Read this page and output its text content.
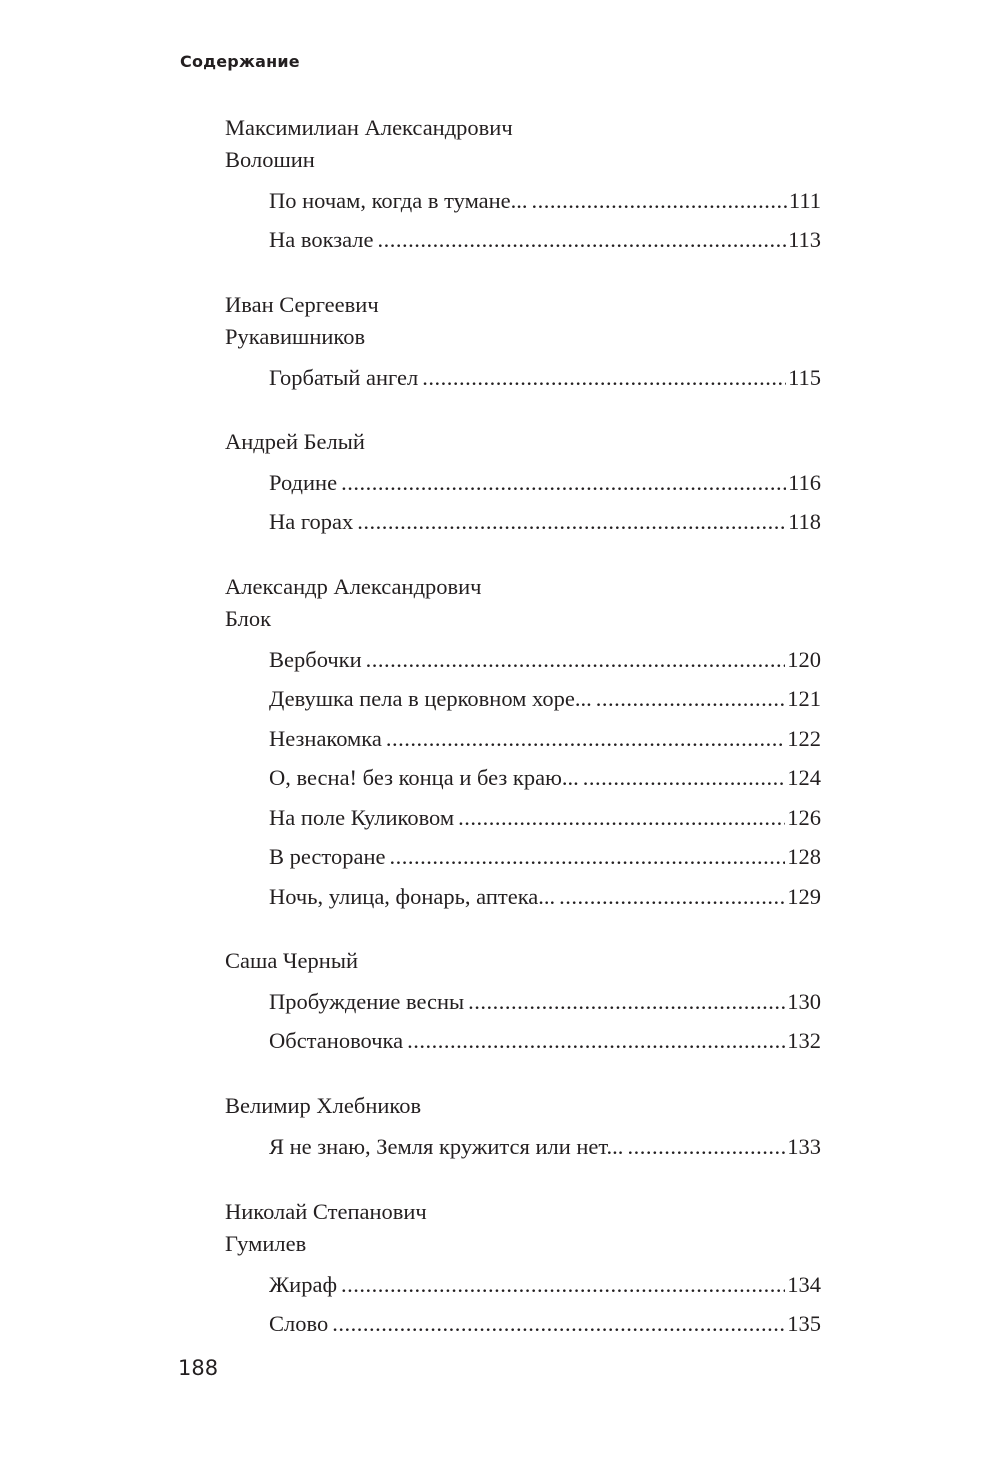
Содержание
Максимилиан Александрович
Волошин
По ночам, когда в тумане... .....	111
На вокзале .....	113
Иван Сергеевич
Рукавишников
Горбатый ангел .....	115
Андрей Белый
Родине .....	116
На горах .....	118
Александр Александрович
Блок
Вербочки .....	120
Девушка пела в церковном хоре... .....	121
Незнакомка .....	122
О, весна! без конца и без краю... .....	124
На поле Куликовом .....	126
В ресторане .....	128
Ночь, улица, фонарь, аптека... .....	129
Саша Черный
Пробуждение весны .....	130
Обстановочка .....	132
Велимир Хлебников
Я не знаю, Земля кружится или нет... .....	133
Николай Степанович
Гумилев
Жираф .....	134
Слово .....	135
188
